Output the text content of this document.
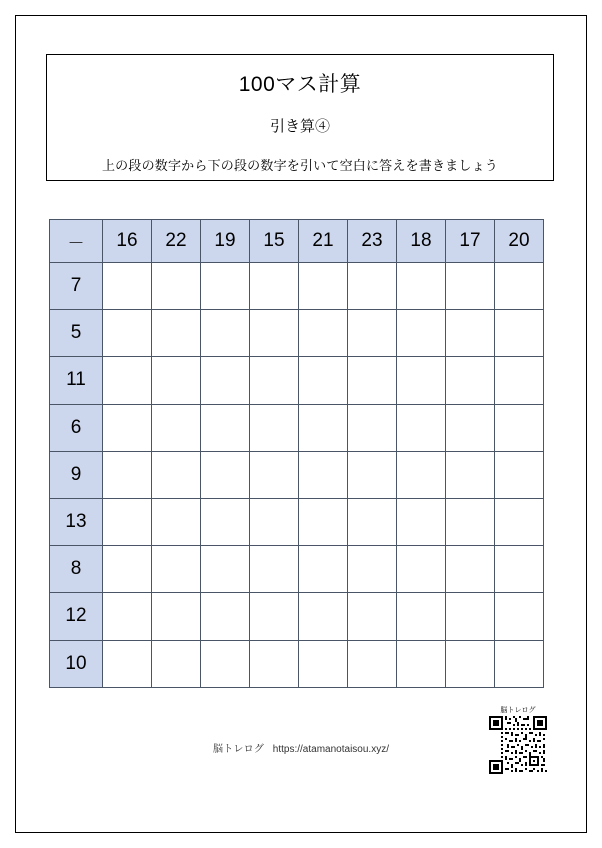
100マス計算
引き算④
上の段の数字から下の段の数字を引いて空白に答えを書きましょう
－	16	22	19	15	21	23	18	17	20
7									
5									
11									
6									
9									
13									
8									
12									
10									
脳トレログ https://atamanotaisou.xyz/
脳トレログ
